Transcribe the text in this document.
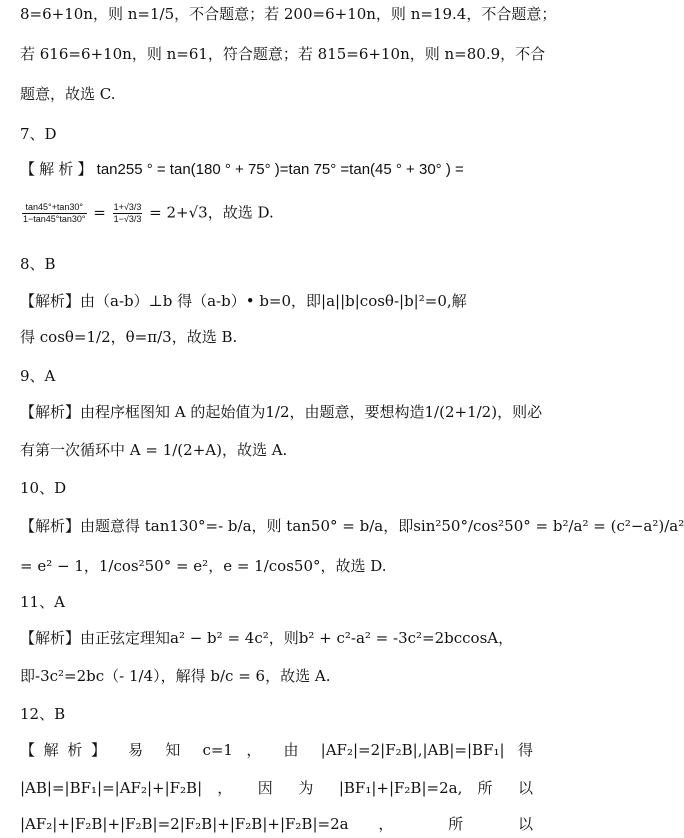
8=6+10n，则 n=1/5，不合题意；若 200=6+10n，则 n=19.4，不合题意；
若 616=6+10n，则 n=61，符合题意；若 815=6+10n，则 n=80.9，不合
题意，故选 C.
7、D
【 解 析 】 tan255 ° = tan(180 ° + 75° )=tan 75° =tan(45 ° + 30° ) =
$\frac{\tan 45^\circ+\tan 30^\circ}{1-\tan 45^\circ\tan 30^\circ} = \frac{1+√3/3}{1-√3/3} = 2+√3$，故选 D.
8、B
【解析】由（a-b）⊥b 得（a-b）• b=0，即|a||b|cosθ-|b|²=0,解
得 cosθ=1/2，θ=π/3，故选 B.
9、A
【解析】由程序框图知 A 的起始值为1/2，由题意，要想构造1/(2+1/2)，则必
有第一次循环中 A = 1/(2+A)，故选 A.
10、D
【解析】由题意得 tan130°=- b/a，则 tan50° = b/a，即sin²50°/cos²50° = b²/a² = (c²−a²)/a²
= e² − 1，1/cos²50° = e²，e = 1/cos50°，故选 D.
11、A
【解析】由正弦定理知a² − b² = 4c²，则b² + c²-a² = -3c²=2bccosA，
即-3c²=2bc（- 1/4），解得 b/c = 6，故选 A.
12、B
【解析】 易 知 c=1 ， 由 |AF₂|=2|F₂B|,|AB|=|BF₁| 得
|AB|=|BF₁|=|AF₂|+|F₂B| ， 因 为 |BF₁|+|F₂B|=2a, 所 以
|AF₂|+|F₂B|+|F₂B|=2|F₂B|+|F₂B|+|F₂B|=2a ， 所 以
